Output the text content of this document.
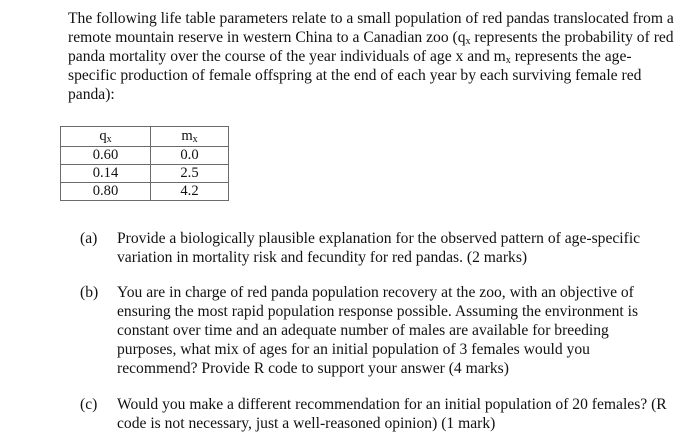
The following life table parameters relate to a small population of red pandas translocated from a remote mountain reserve in western China to a Canadian zoo ($q_x$ represents the probability of red panda mortality over the course of the year individuals of age x and $m_x$ represents the age-specific production of female offspring at the end of each year by each surviving female red panda):

$q_x$	$m_x$
0.60	0.0
0.14	2.5
0.80	4.2

(a) Provide a biologically plausible explanation for the observed pattern of age-specific variation in mortality risk and fecundity for red pandas. (2 marks)

(b) You are in charge of red panda population recovery at the zoo, with an objective of ensuring the most rapid population response possible. Assuming the environment is constant over time and an adequate number of males are available for breeding purposes, what mix of ages for an initial population of 3 females would you recommend? Provide R code to support your answer (4 marks)

(c) Would you make a different recommendation for an initial population of 20 females? (R code is not necessary, just a well-reasoned opinion) (1 mark)
